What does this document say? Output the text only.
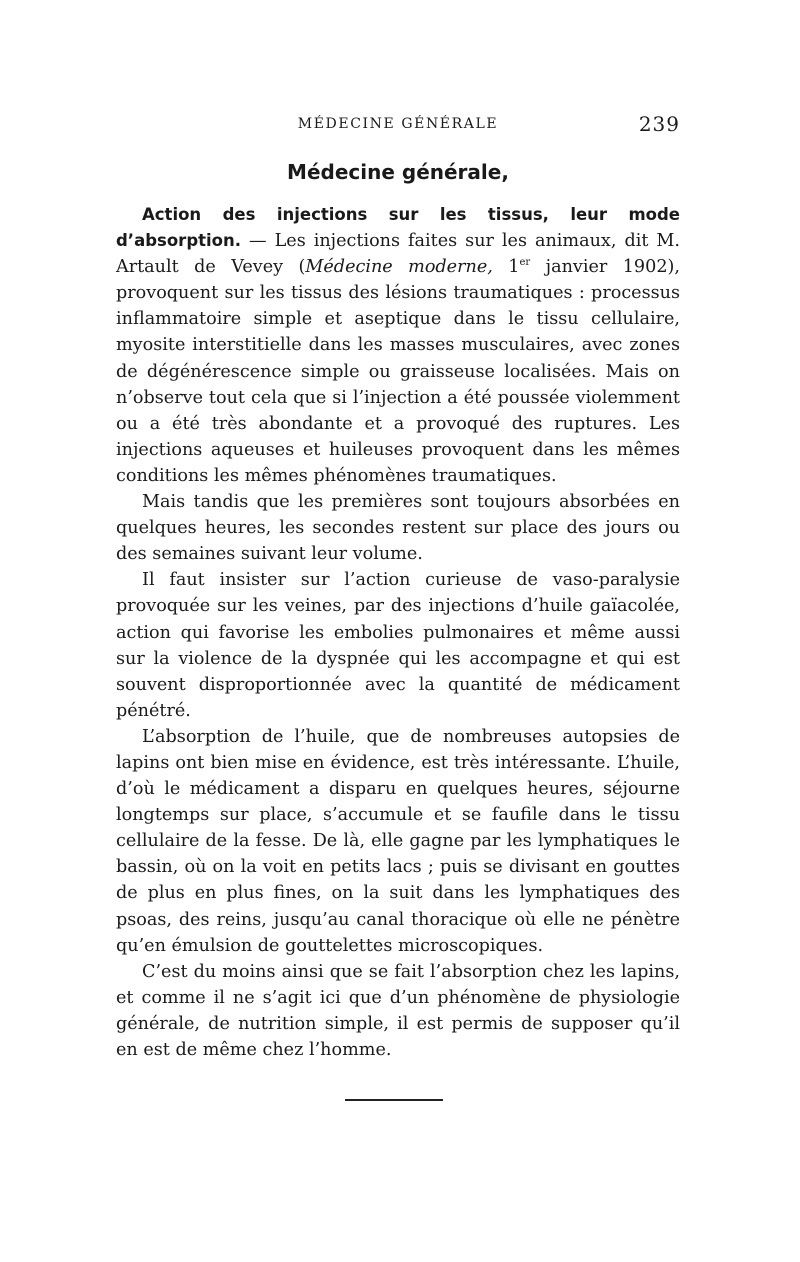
MÉDECINE GÉNÉRALE	239
Médecine générale,

Action des injections sur les tissus, leur mode d’absorption. — Les injections faites sur les animaux, dit M. Artault de Vevey (Médecine moderne, 1er janvier 1902), provoquent sur les tissus des lésions traumatiques : processus inflammatoire simple et aseptique dans le tissu cellulaire, myosite interstitielle dans les masses musculaires, avec zones de dégénérescence simple ou graisseuse localisées. Mais on n’observe tout cela que si l’injection a été poussée violemment ou a été très abondante et a provoqué des ruptures. Les injections aqueuses et huileuses provoquent dans les mêmes conditions les mêmes phénomènes traumatiques.

Mais tandis que les premières sont toujours absorbées en quelques heures, les secondes restent sur place des jours ou des semaines suivant leur volume.

Il faut insister sur l’action curieuse de vaso-paralysie provoquée sur les veines, par des injections d’huile gaïacolée, action qui favorise les embolies pulmonaires et même aussi sur la violence de la dyspnée qui les accompagne et qui est souvent disproportionnée avec la quantité de médicament pénétré.

L’absorption de l’huile, que de nombreuses autopsies de lapins ont bien mise en évidence, est très intéressante. L’huile, d’où le médicament a disparu en quelques heures, séjourne longtemps sur place, s’accumule et se faufile dans le tissu cellulaire de la fesse. De là, elle gagne par les lymphatiques le bassin, où on la voit en petits lacs ; puis se divisant en gouttes de plus en plus fines, on la suit dans les lymphatiques des psoas, des reins, jusqu’au canal thoracique où elle ne pénètre qu’en émulsion de gouttelettes microscopiques.

C’est du moins ainsi que se fait l’absorption chez les lapins, et comme il ne s’agit ici que d’un phénomène de physiologie générale, de nutrition simple, il est permis de supposer qu’il en est de même chez l’homme.
